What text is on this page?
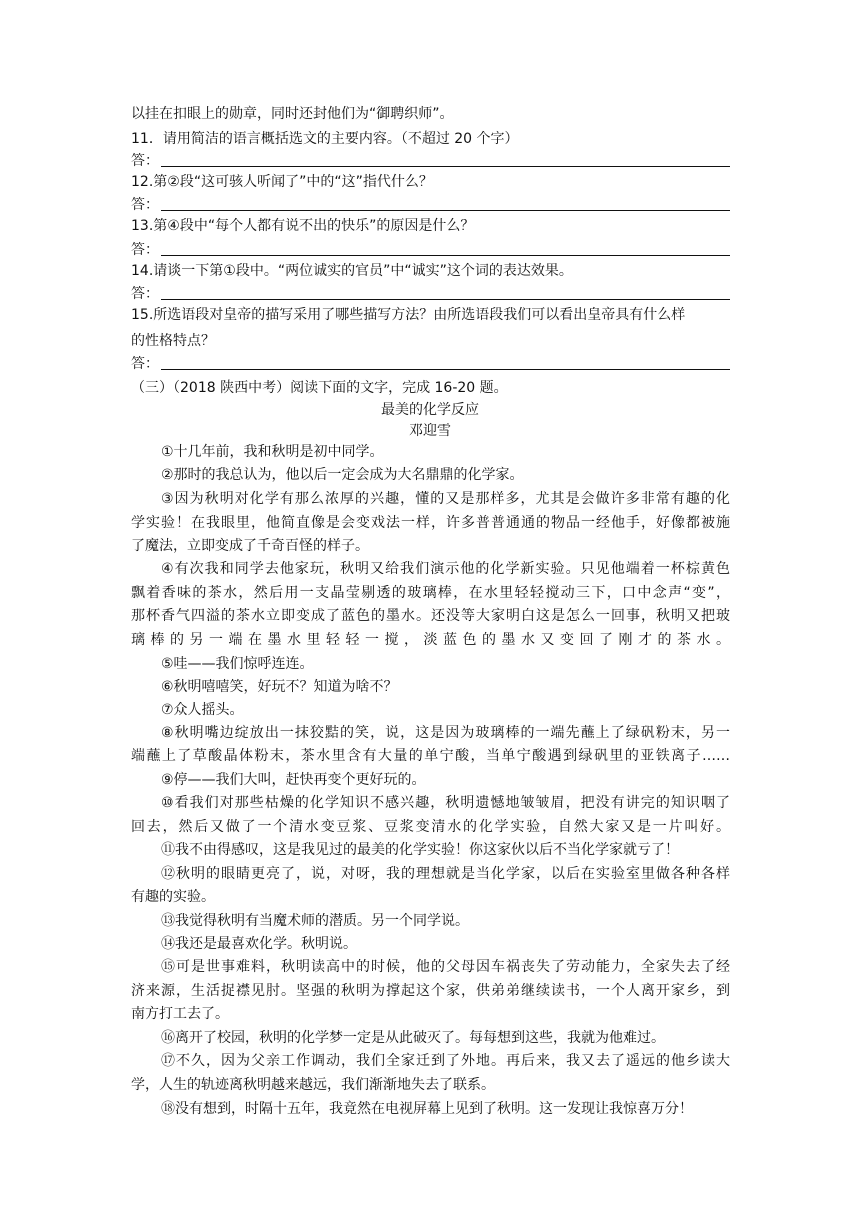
以挂在扣眼上的勋章，同时还封他们为“御聘织师”。
11．请用简洁的语言概括选文的主要内容。（不超过 20 个字）
答：
12.第②段“这可骇人听闻了”中的“这”指代什么？
答：
13.第④段中“每个人都有说不出的快乐”的原因是什么？
答：
14.请谈一下第①段中。“两位诚实的官员”中“诚实”这个词的表达效果。
答：
15.所选语段对皇帝的描写采用了哪些描写方法？由所选语段我们可以看出皇帝具有什么样
的性格特点？
答：
（三）（2018 陕西中考）阅读下面的文字，完成 16-20 题。
最美的化学反应
邓迎雪
①十几年前，我和秋明是初中同学。
②那时的我总认为，他以后一定会成为大名鼎鼎的化学家。
③因为秋明对化学有那么浓厚的兴趣，懂的又是那样多，尤其是会做许多非常有趣的化
学实验！在我眼里，他简直像是会变戏法一样，许多普普通通的物品一经他手，好像都被施
了魔法，立即变成了千奇百怪的样子。
④有次我和同学去他家玩，秋明又给我们演示他的化学新实验。只见他端着一杯棕黄色
飘着香味的茶水，然后用一支晶莹剔透的玻璃棒，在水里轻轻搅动三下，口中念声“变”，
那杯香气四溢的茶水立即变成了蓝色的墨水。还没等大家明白这是怎么一回事，秋明又把玻
璃棒的另一端在墨水里轻轻一搅，淡蓝色的墨水又变回了刚才的茶水。
⑤哇——我们惊呼连连。
⑥秋明嘻嘻笑，好玩不？知道为啥不？
⑦众人摇头。
⑧秋明嘴边绽放出一抹狡黠的笑，说，这是因为玻璃棒的一端先蘸上了绿矾粉末，另一
端蘸上了草酸晶体粉末，茶水里含有大量的单宁酸，当单宁酸遇到绿矾里的亚铁离子……
⑨停——我们大叫，赶快再变个更好玩的。
⑩看我们对那些枯燥的化学知识不感兴趣，秋明遗憾地皱皱眉，把没有讲完的知识咽了
回去，然后又做了一个清水变豆浆、豆浆变清水的化学实验，自然大家又是一片叫好。
⑪我不由得感叹，这是我见过的最美的化学实验！你这家伙以后不当化学家就亏了！
⑫秋明的眼睛更亮了，说，对呀，我的理想就是当化学家，以后在实验室里做各种各样
有趣的实验。
⑬我觉得秋明有当魔术师的潜质。另一个同学说。
⑭我还是最喜欢化学。秋明说。
⑮可是世事难料，秋明读高中的时候，他的父母因车祸丧失了劳动能力，全家失去了经
济来源，生活捉襟见肘。坚强的秋明为撑起这个家，供弟弟继续读书，一个人离开家乡，到
南方打工去了。
⑯离开了校园，秋明的化学梦一定是从此破灭了。每每想到这些，我就为他难过。
⑰不久，因为父亲工作调动，我们全家迁到了外地。再后来，我又去了遥远的他乡读大
学，人生的轨迹离秋明越来越远，我们渐渐地失去了联系。
⑱没有想到，时隔十五年，我竟然在电视屏幕上见到了秋明。这一发现让我惊喜万分！
